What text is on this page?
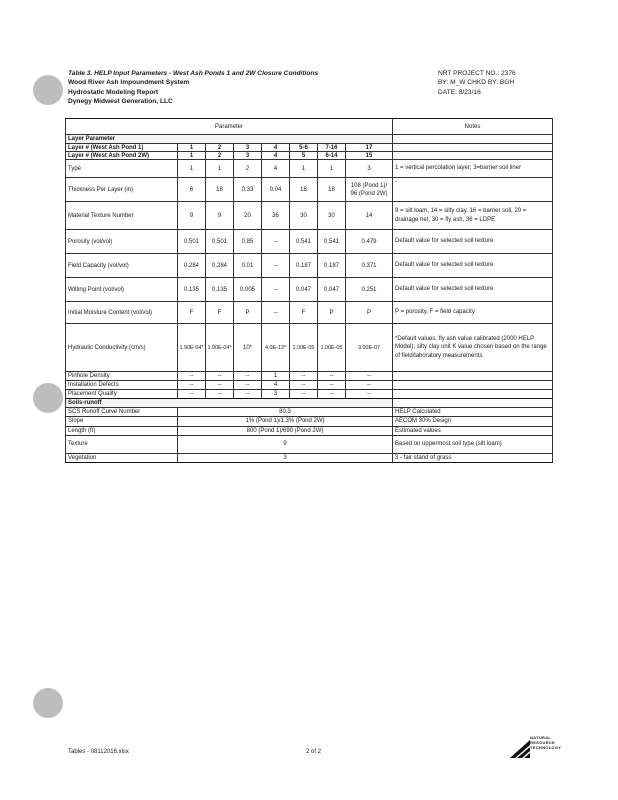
Table 3. HELP Input Parameters - West Ash Ponds 1 and 2W Closure Conditions
Wood River Ash Impoundment System
Hydrostatic Modeling Report
Dynegy Midwest Generation, LLC
NRT PROJECT NO.: 2376
BY: M_W CHKD BY: BGH
DATE: 8/23/16
Parameter								Notes
Layer Parameter								
Layer # (West Ash Pond 1)	1	2	3	4	5-6	7-16	17	
Layer # (West Ash Pond 2W)	1	2	3	4	5	6-14	15	
Type	1	1	2	4	1	1	3	1 = vertical percolation layer; 3=barrier soil liner
Thickness Per Layer (in)	6	18	0.33	0.04	18	18	108 (Pond 1)/ 96 (Pond 2W)	-
Material Texture Number	9	9	20	36	30	30	14	9 = silt loam, 14 = silty clay, 16 = barrier soil, 20 = drainage net, 30 = fly ash, 36 = LDPE
Porosity (vol/vol)	0.501	0.501	0.85	--	0.541	0.541	0.479	Default value for selected soil texture
Field Capacity (vol/vol)	0.284	0.284	0.01	--	0.187	0.187	0.371	Default value for selected soil texture
Wilting Point (vol/vol)	0.135	0.135	0.005	--	0.047	0.047	0.251	Default value for selected soil texture
Initial Moisture Content (vol/vol)	F	F	P	--	F	P	P	P = porosity, F = field capacity
Hydraulic Conductivity (cm/s)	1.90E-04*	1.90E-04*	10*	4.0E-13*	1.00E-05	1.00E-05	3.00E-07	*Default values. fly ash value calibrated (2000 HELP Model); silty clay unit K value chosen based on the range of field/laboratory measurements
Pinhole Density	--	--	--	1	--	--	--	
Installation Defects	--	--	--	4	--	--	--	
Placement Quality	--	--	--	3	--	--	--	
Soils-runoff								
SCS Runoff Curve Number	80.3							HELP Calculated
Slope	1% (Pond 1)/1.3% (Pond 2W)							AECOM 30% Design
Length (ft)	800 (Pond 1)/690 (Pond 2W)							Estimated values
Texture	9							Based on uppermost soil type (silt loam)
Vegetation	3							3 - fair stand of grass
Tables - 08112016.xlsx	2 of 2
NATURAL
RESOURCE
TECHNOLOGY
